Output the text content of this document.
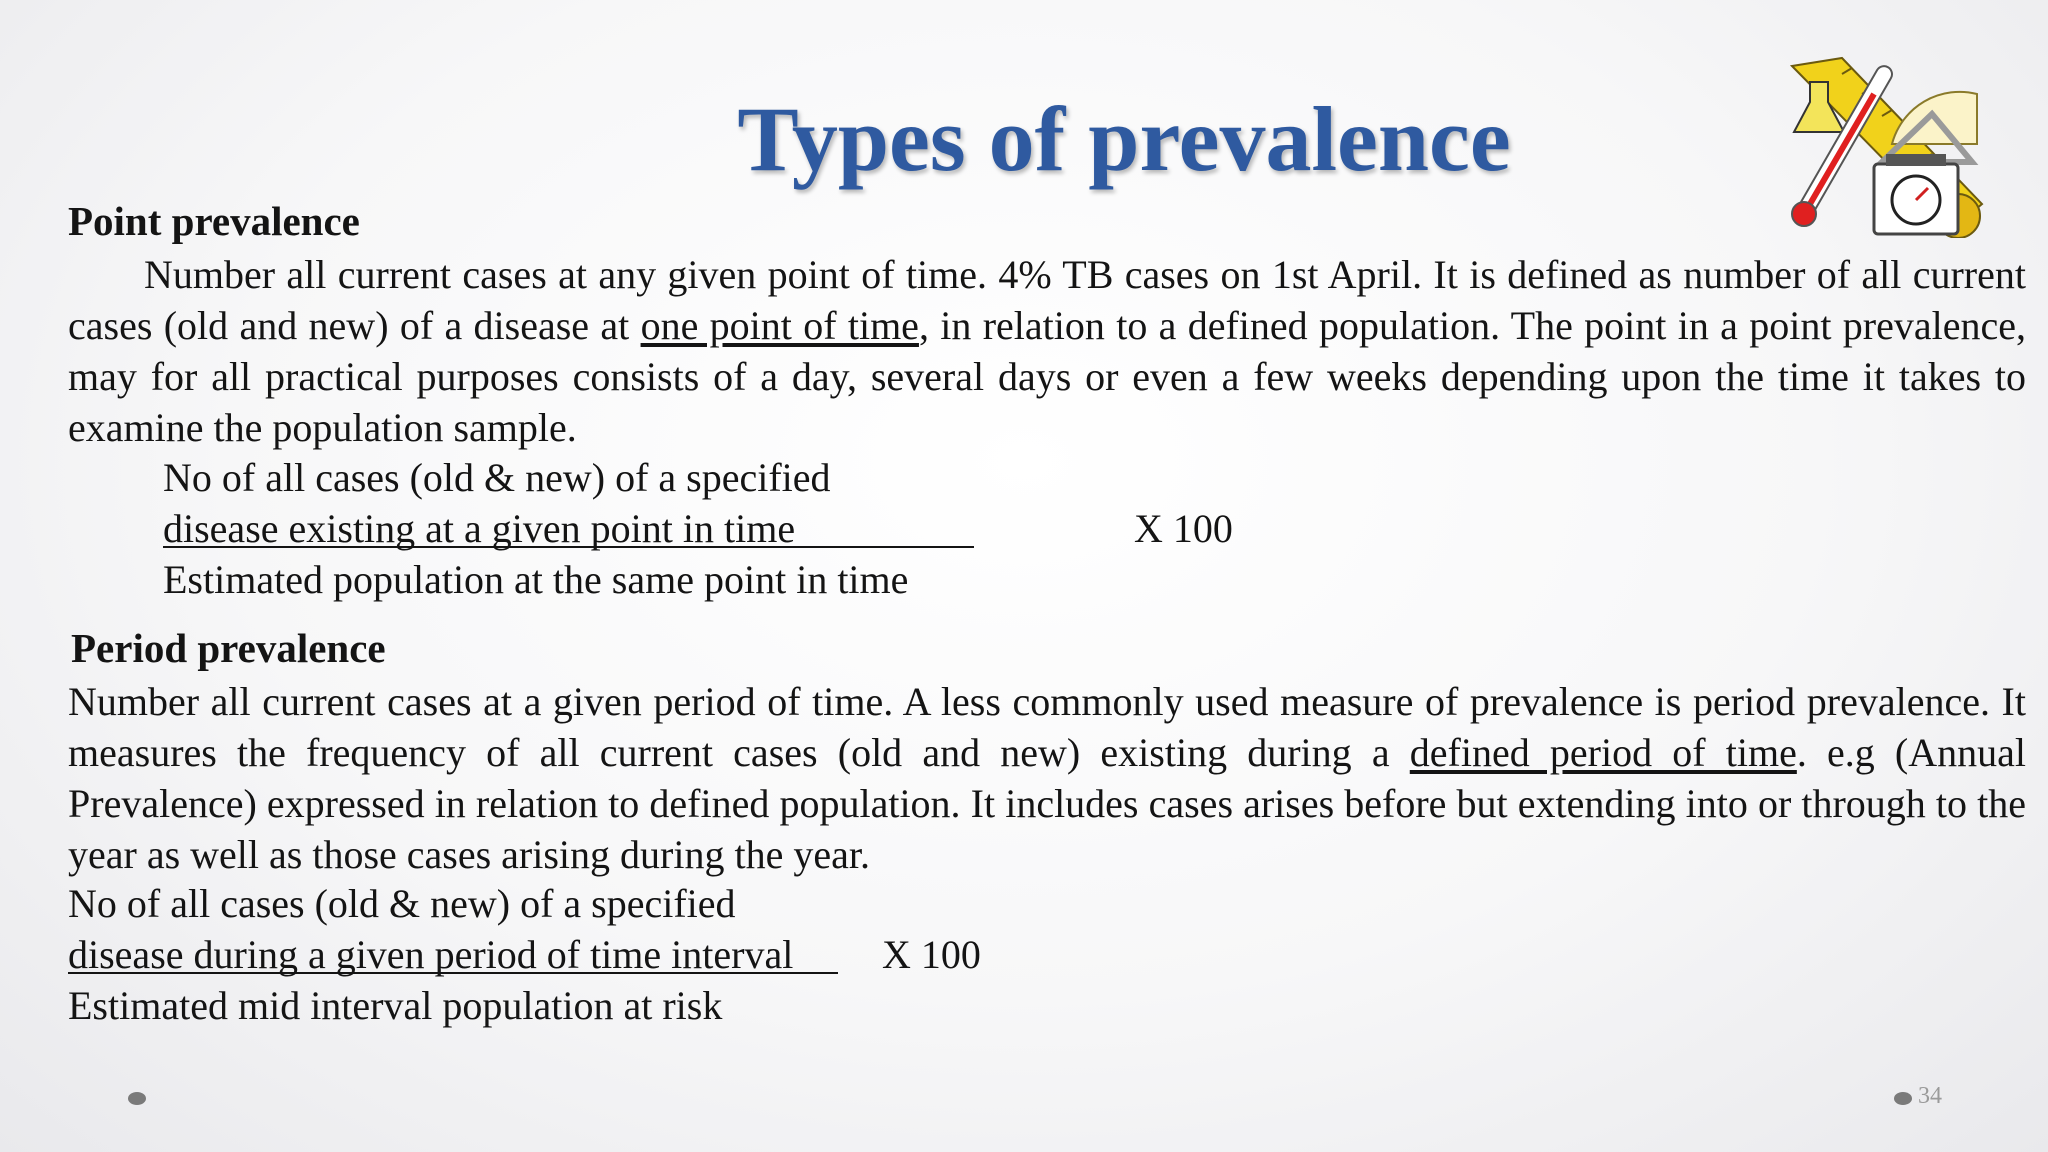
Types of prevalence
Point prevalence
Number all current cases at any given point of time. 4% TB cases on 1st April. It is defined as number of all current cases (old and new) of a disease at one point of time, in relation to a defined population. The point in a point prevalence, may for all practical purposes consists of a day, several days or even a few weeks depending upon the time it takes to examine the population sample.
No of all cases (old & new) of a specified
disease existing at a given point in time	X 100
Estimated population at the same point in time
Period prevalence
Number all current cases at a given period of time. A less commonly used measure of prevalence is period prevalence. It measures the frequency of all current cases (old and new) existing during a defined period of time. e.g (Annual Prevalence) expressed in relation to defined population. It includes cases arises before but extending into or through to the year as well as those cases arising during the year.
No of all cases (old & new) of a specified
disease during a given period of time interval X 100
Estimated mid interval population at risk
34
